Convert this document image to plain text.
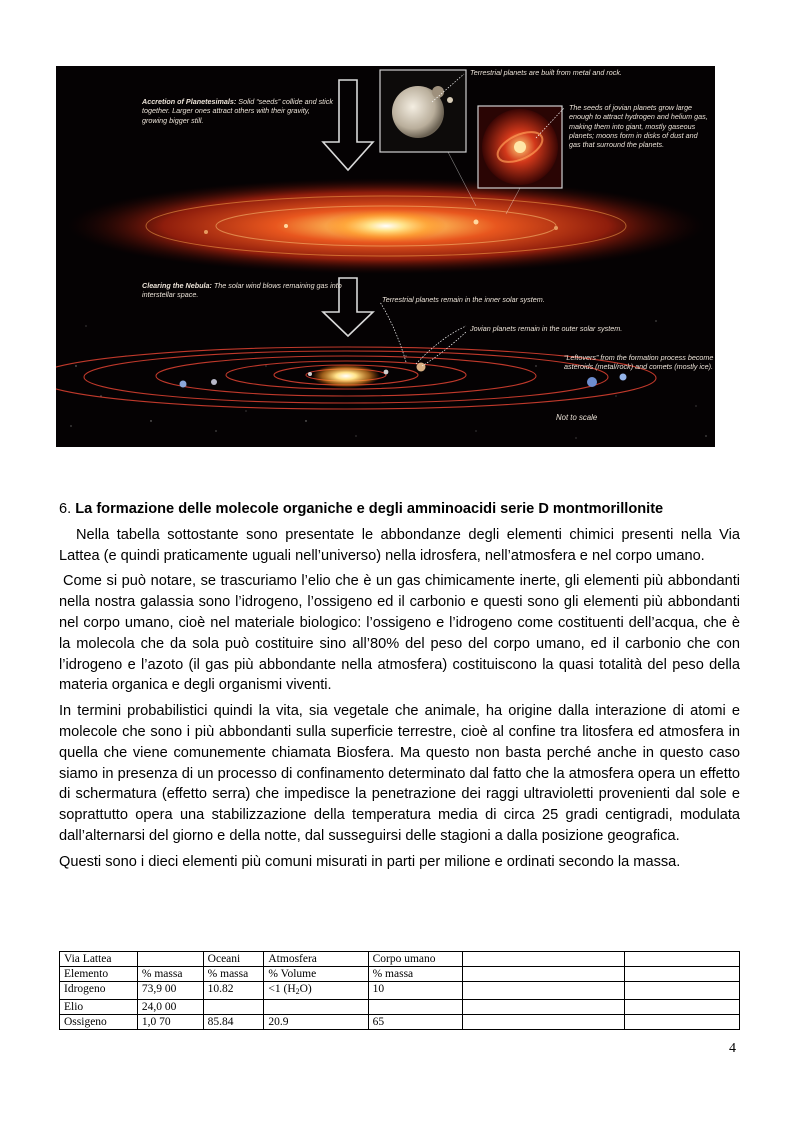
Accretion of Planetesimals: Solid “seeds” collide and stick together. Larger ones attract others with their gravity, growing bigger still.

Terrestrial planets are built from metal and rock.

The seeds of jovian planets grow large enough to attract hydrogen and helium gas, making them into giant, mostly gaseous planets; moons form in disks of dust and gas that surround the planets.

Clearing the Nebula: The solar wind blows remaining gas into interstellar space.

Terrestrial planets remain in the inner solar system.

Jovian planets remain in the outer solar system.

“Leftovers” from the formation process become asteroids (metal/rock) and comets (mostly ice).

Not to scale

6. La formazione delle molecole organiche e degli amminoacidi serie D montmorillonite

Nella tabella sottostante sono presentate le abbondanze degli elementi chimici presenti nella Via Lattea (e quindi praticamente uguali nell’universo) nella idrosfera, nell’atmosfera e nel corpo umano.

Come si può notare, se trascuriamo l’elio che è un gas chimicamente inerte, gli elementi più abbondanti nella nostra galassia sono l’idrogeno, l’ossigeno ed il carbonio e questi sono gli elementi più abbondanti nel corpo umano, cioè nel materiale biologico: l’ossigeno e l’idrogeno come costituenti dell’acqua, che è la molecola che da sola può costituire sino all’80% del peso del corpo umano, ed il carbonio che con l’idrogeno e l’azoto (il gas più abbondante nella atmosfera) costituiscono la quasi totalità del peso della materia organica e degli organismi viventi.

In termini probabilistici quindi la vita, sia vegetale che animale, ha origine dalla interazione di atomi e molecole che sono i più abbondanti sulla superficie terrestre, cioè al confine tra litosfera ed atmosfera in quella che viene comunemente chiamata Biosfera. Ma questo non basta perché anche in questo caso siamo in presenza di un processo di confinamento determinato dal fatto che la atmosfera opera un effetto di schermatura (effetto serra) che impedisce la penetrazione dei raggi ultravioletti provenienti dal sole e soprattutto opera una stabilizzazione della temperatura media di circa 25 gradi centigradi, modulata dall’alternarsi del giorno e della notte, dal susseguirsi delle stagioni a dalla posizione geografica.

Questi sono i dieci elementi più comuni misurati in parti per milione e ordinati secondo la massa.

Via Lattea		Oceani	Atmosfera	Corpo umano		
Elemento	% massa	% massa	% Volume	% massa		
Idrogeno	73,9 00	10.82	<1 $(H_2O)$	10		
Elio	24,0 00					
Ossigeno	1,0 70	85.84	20.9	65		
4
